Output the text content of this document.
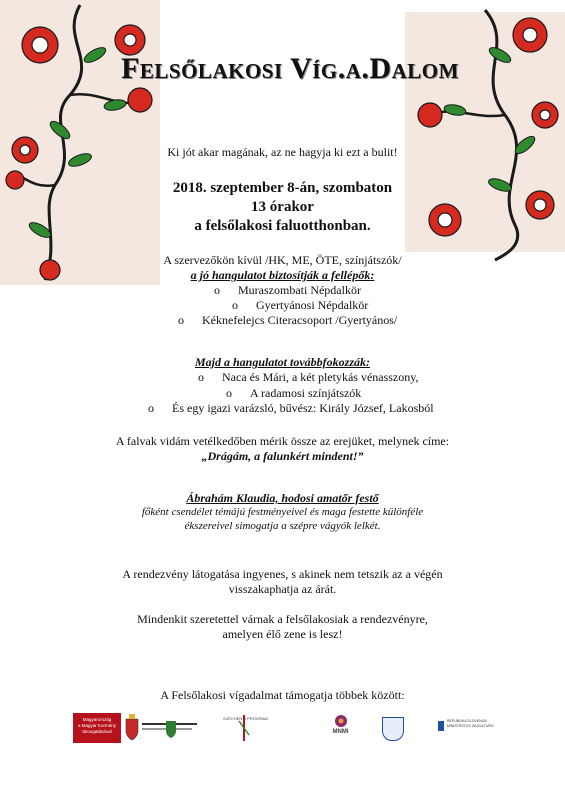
Felsőlakosi Víg.a.Dalom
Ki jót akar magának, az ne hagyja ki ezt a bulit!
2018. szeptember 8-án, szombaton
13 órakor
a felsőlakosi faluotthonban.
A szervezőkön kívül /HK, ME, ÖTE, színjátszók/
a jó hangulatot biztosítják a fellépők:
o Muraszombati Népdalkör
o Gyertyánosi Népdalkör
o Kéknefelejcs Citeracsoport /Gyertyános/
Majd a hangulatot továbbfokozzák:
o Naca és Mári, a két pletykás vénasszony,
o A radamosi színjátszók
o És egy igazi varázsló, bűvész: Király József, Lakosból
A falvak vidám vetélkedőben mérik össze az erejüket, melynek címe:
„Drágám, a falunkért mindent!”
Ábrahám Klaudia, hodosi amatőr festő
főként csendélet témájú festményeivel és maga festette különféle
ékszereivel simogatja a szépre vágyók lelkét.
A rendezvény látogatása ingyenes, s akinek nem tetszik az a végén
visszakaphatja az árát.
Mindenkit szeretettel várnak a felsőlakosiak a rendezvényre,
amelyen élő zene is lesz!
A Felsőlakosi vígadalmat támogatja többek között:
Magyarország
a Magyar Kormány
támogatásával
SZÉCHENYI PROGRAM
MNMI
REPUBLIKA SLOVENIJA MINISTRSTVO ZA KULTURO
